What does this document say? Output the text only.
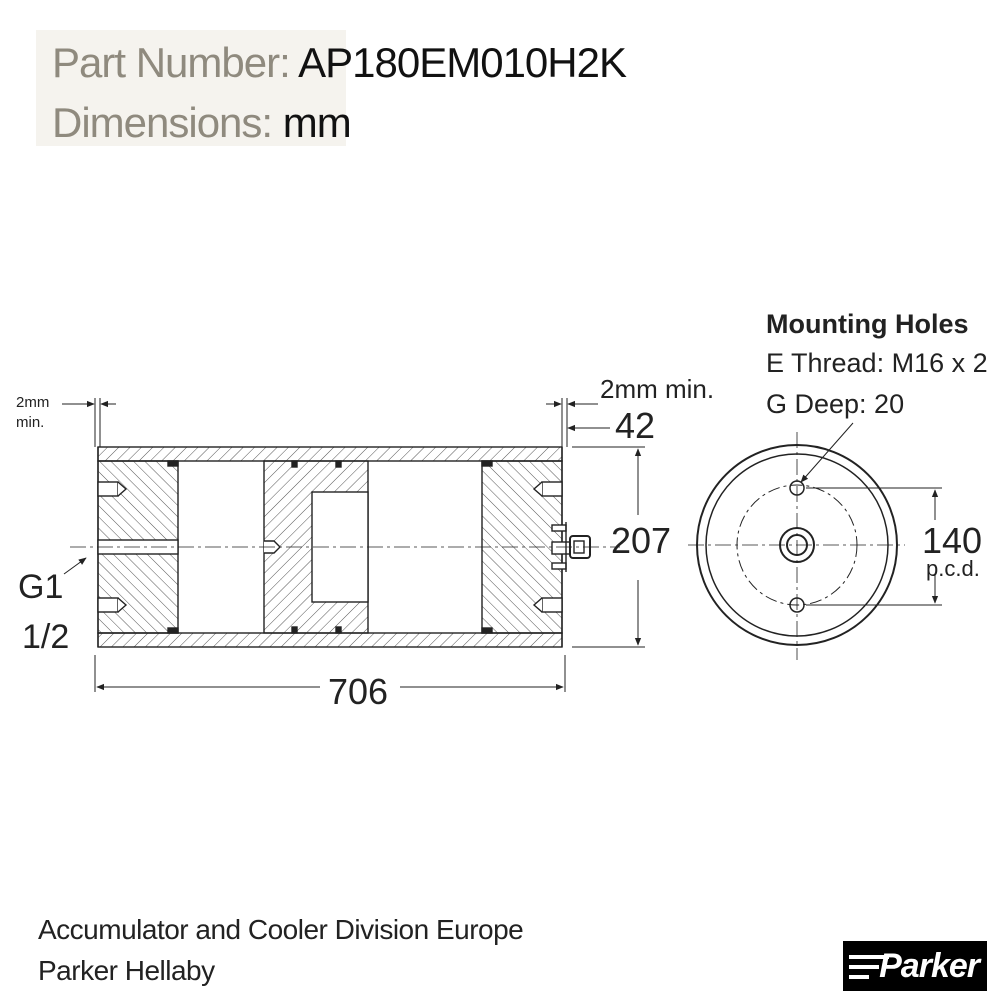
Part Number: AP180EM010H2K
Dimensions: mm
2mm
min.
2mm min.
42
207
706
G1
1/2
Mounting Holes
E Thread: M16 x 2
G Deep: 20
140
p.c.d.
Accumulator and Cooler Division Europe
Parker Hellaby	Parker
